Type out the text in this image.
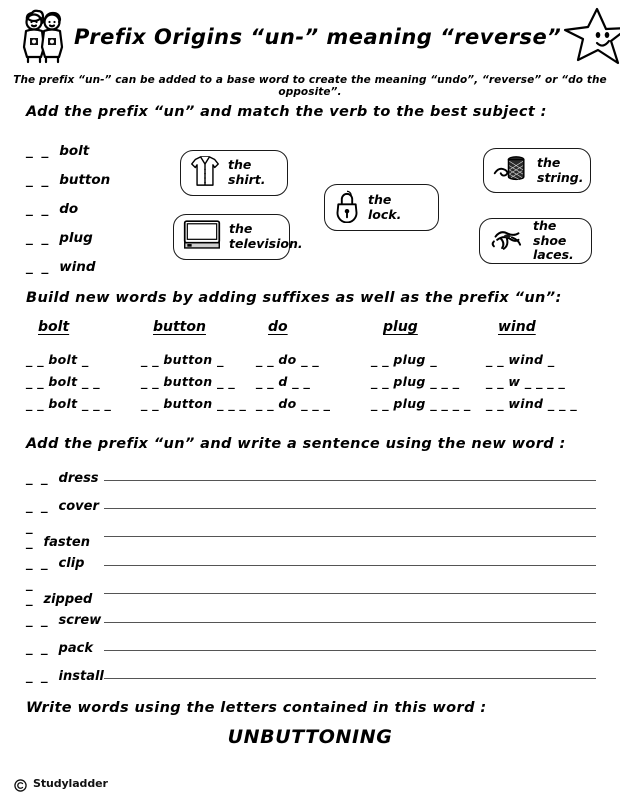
Prefix Origins “un-” meaning “reverse”
The prefix “un-” can be added to a base word to create the meaning “undo”, “reverse” or “do the opposite”.
Add the prefix “un” and match the verb to the best subject :
_ _ bolt
_ _ button
_ _ do
_ _ plug
_ _ wind
the
shirt.
the
television.
the
lock.
the
string.
the shoe
laces.
Build new words by adding suffixes as well as the prefix “un”:
bolt
_ _ bolt _
_ _ bolt _ _
_ _ bolt _ _ _
button
_ _ button _
_ _ button _ _
_ _ button _ _ _
do
_ _ do _ _
_ _ d _ _
_ _ do _ _ _
plug
_ _ plug _
_ _ plug _ _ _
_ _ plug _ _ _ _
wind
_ _ wind _
_ _ w _ _ _ _
_ _ wind _ _ _
Add the prefix “un” and write a sentence using the new word :
_ _ dress
_ _ cover
_ _ fasten
_ _ clip
_ _ zipped
_ _ screw
_ _ pack
_ _ install
Write words using the letters contained in this word :
UNBUTTONING
Studyladder
